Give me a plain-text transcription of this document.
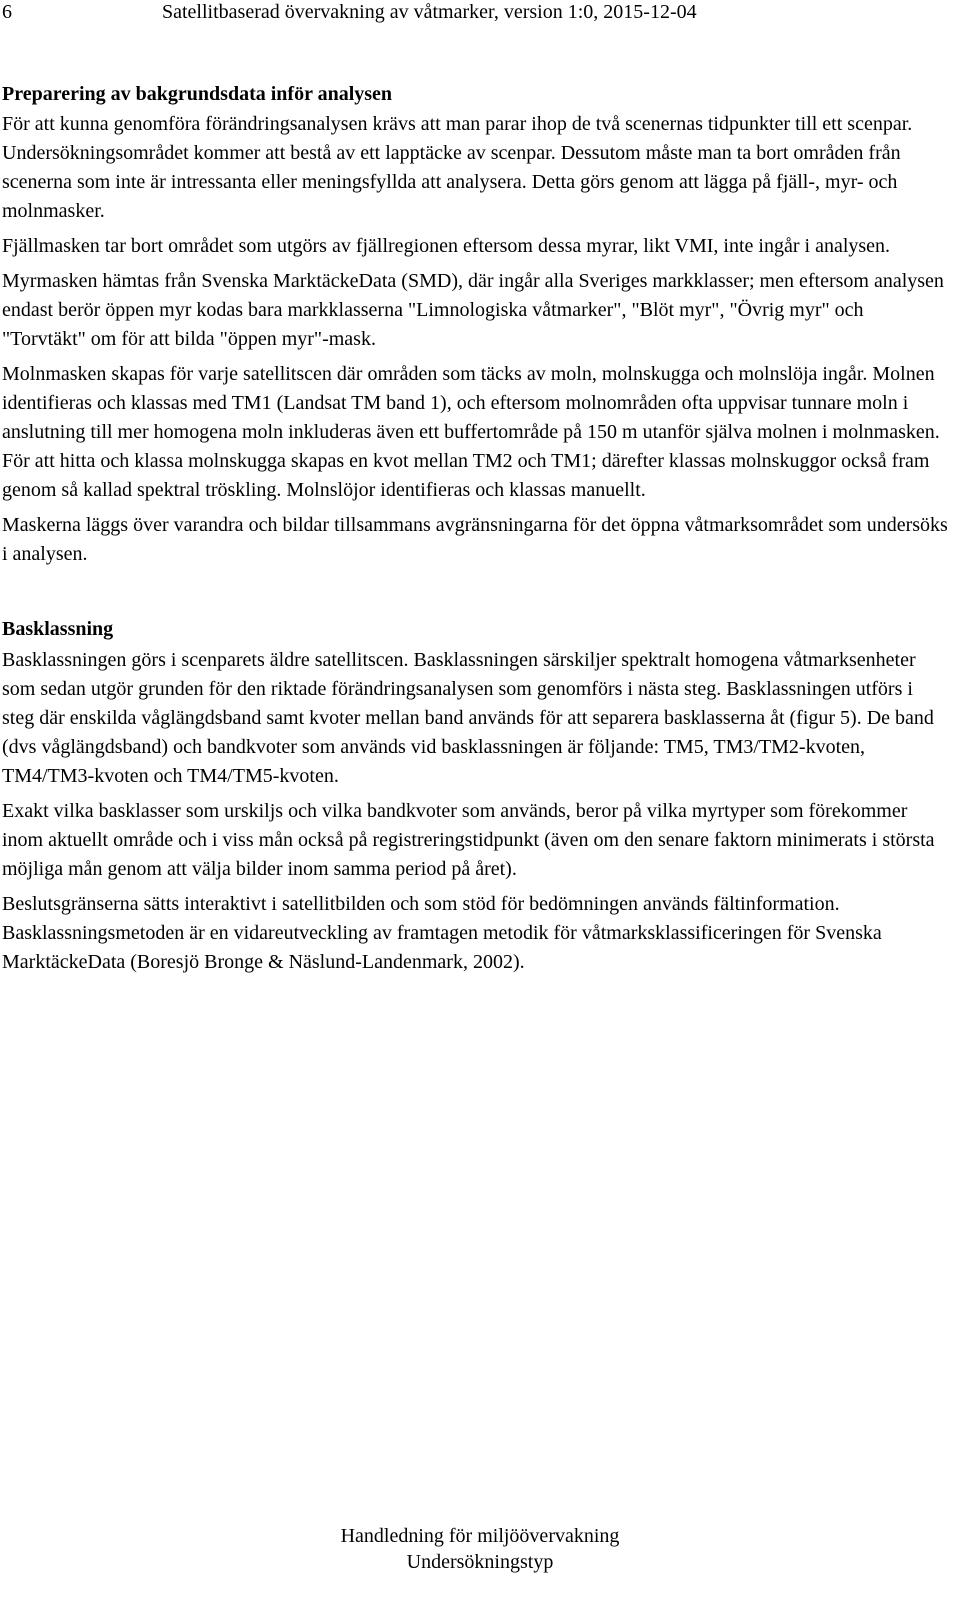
6	Satellitbaserad övervakning av våtmarker, version 1:0, 2015-12-04
Preparering av bakgrundsdata inför analysen

För att kunna genomföra förändringsanalysen krävs att man parar ihop de två scenernas tidpunkter till ett scenpar. Undersökningsområdet kommer att bestå av ett lapptäcke av scenpar. Dessutom måste man ta bort områden från scenerna som inte är intressanta eller meningsfyllda att analysera. Detta görs genom att lägga på fjäll-, myr- och molnmasker.

Fjällmasken tar bort området som utgörs av fjällregionen eftersom dessa myrar, likt VMI, inte ingår i analysen.

Myrmasken hämtas från Svenska MarktäckeData (SMD), där ingår alla Sveriges markklasser; men eftersom analysen endast berör öppen myr kodas bara markklasserna "Limnologiska våtmarker", "Blöt myr", "Övrig myr" och "Torvtäkt" om för att bilda "öppen myr"-mask.

Molnmasken skapas för varje satellitscen där områden som täcks av moln, molnskugga och molnslöja ingår. Molnen identifieras och klassas med TM1 (Landsat TM band 1), och eftersom molnområden ofta uppvisar tunnare moln i anslutning till mer homogena moln inkluderas även ett buffertområde på 150 m utanför själva molnen i molnmasken. För att hitta och klassa molnskugga skapas en kvot mellan TM2 och TM1; därefter klassas molnskuggor också fram genom så kallad spektral tröskling. Molnslöjor identifieras och klassas manuellt.

Maskerna läggs över varandra och bildar tillsammans avgränsningarna för det öppna våtmarksområdet som undersöks i analysen.

Basklassning

Basklassningen görs i scenparets äldre satellitscen. Basklassningen särskiljer spektralt homogena våtmarksenheter som sedan utgör grunden för den riktade förändringsanalysen som genomförs i nästa steg. Basklassningen utförs i steg där enskilda våglängdsband samt kvoter mellan band används för att separera basklasserna åt (figur 5). De band (dvs våglängdsband) och bandkvoter som används vid basklassningen är följande: TM5, TM3/TM2-kvoten, TM4/TM3-kvoten och TM4/TM5-kvoten.

Exakt vilka basklasser som urskiljs och vilka bandkvoter som används, beror på vilka myrtyper som förekommer inom aktuellt område och i viss mån också på registreringstidpunkt (även om den senare faktorn minimerats i största möjliga mån genom att välja bilder inom samma period på året).

Beslutsgränserna sätts interaktivt i satellitbilden och som stöd för bedömningen används fältinformation. Basklassningsmetoden är en vidareutveckling av framtagen metodik för våtmarksklassificeringen för Svenska MarktäckeData (Boresjö Bronge & Näslund-Landenmark, 2002).

Handledning för miljöövervakning
Undersökningstyp
